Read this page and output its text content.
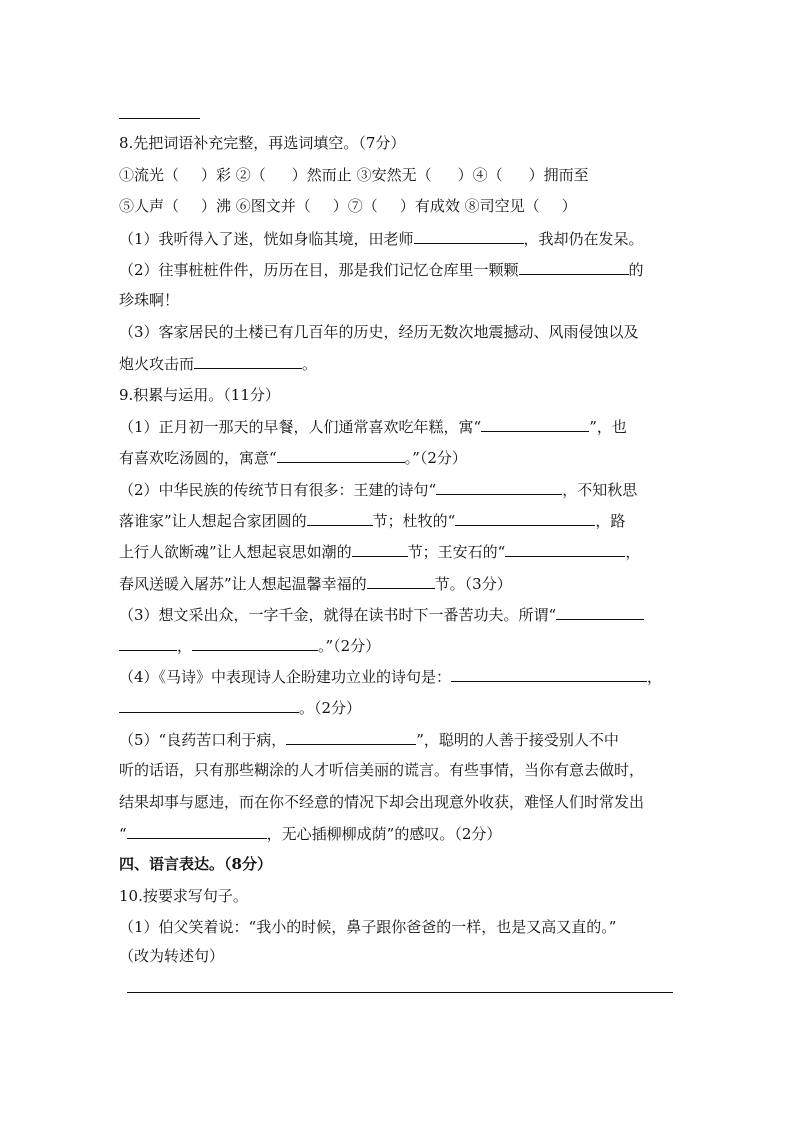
8.先把词语补充完整，再选词填空。（7分）
①流光（ ）彩 ②（ ）然而止 ③安然无（ ）④（ ）拥而至
⑤人声（ ）沸 ⑥图文并（ ）⑦（ ）有成效 ⑧司空见（ ）
（1）我听得入了迷，恍如身临其境，田老师	，我却仍在发呆。
（2）往事桩桩件件，历历在目，那是我们记忆仓库里一颗颗	的
珍珠啊！
（3）客家居民的土楼已有几百年的历史，经历无数次地震撼动、风雨侵蚀以及
炮火攻击而	。
9.积累与运用。（11分）
（1）正月初一那天的早餐，人们通常喜欢吃年糕，寓“	”，也
有喜欢吃汤圆的，寓意“	。”（2分）
（2）中华民族的传统节日有很多：王建的诗句“	，不知秋思
落谁家”让人想起合家团圆的	节；杜牧的“	，路
上行人欲断魂”让人想起哀思如潮的	节；王安石的“	，
春风送暖入屠苏”让人想起温馨幸福的	节。（3分）
（3）想文采出众，一字千金，就得在读书时下一番苦功夫。所谓“
，	。”（2分）
（4）《马诗》中表现诗人企盼建功立业的诗句是：	，
。（2分）
（5）“良药苦口利于病，	”，聪明的人善于接受别人不中
听的话语，只有那些糊涂的人才听信美丽的谎言。有些事情，当你有意去做时，
结果却事与愿违，而在你不经意的情况下却会出现意外收获，难怪人们时常发出
“	，无心插柳柳成荫”的感叹。（2分）
四、语言表达。（8分）
10.按要求写句子。
（1）伯父笑着说：“我小的时候，鼻子跟你爸爸的一样，也是又高又直的。”
（改为转述句）
